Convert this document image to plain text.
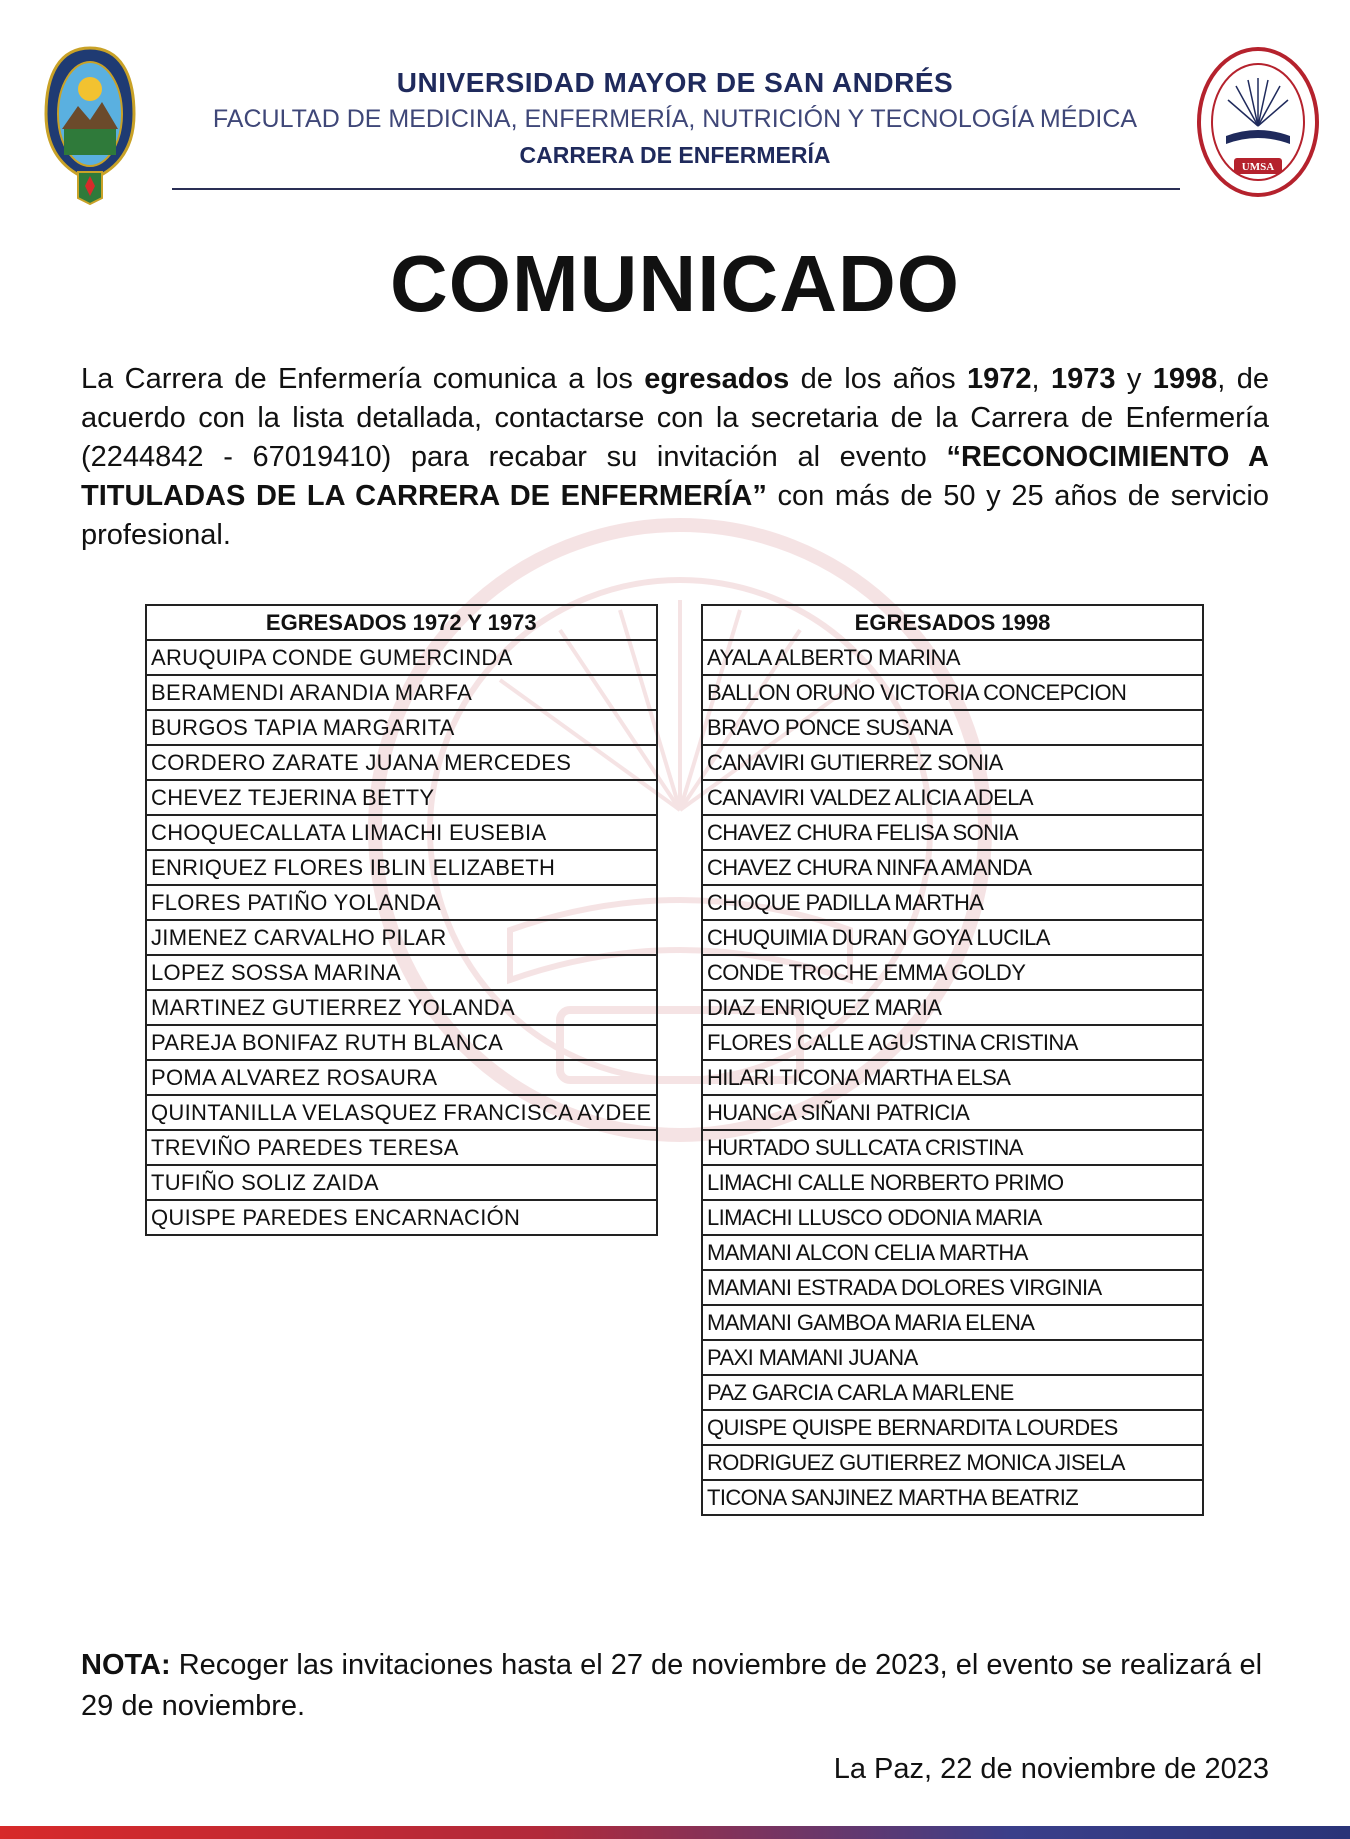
UMSA
UNIVERSIDAD MAYOR DE SAN ANDRÉS
FACULTAD DE MEDICINA, ENFERMERÍA, NUTRICIÓN Y TECNOLOGÍA MÉDICA
CARRERA DE ENFERMERÍA
COMUNICADO
La Carrera de Enfermería comunica a los egresados de los años 1972, 1973 y 1998, de acuerdo con la lista detallada, contactarse con la secretaria de la Carrera de Enfermería (2244842 - 67019410) para recabar su invitación al evento “RECONOCIMIENTO A TITULADAS DE LA CARRERA DE ENFERMERÍA” con más de 50 y 25 años de servicio profesional.
EGRESADOS 1972 Y 1973
ARUQUIPA CONDE GUMERCINDA
BERAMENDI ARANDIA MARFA
BURGOS TAPIA MARGARITA
CORDERO ZARATE JUANA MERCEDES
CHEVEZ TEJERINA BETTY
CHOQUECALLATA LIMACHI EUSEBIA
ENRIQUEZ FLORES IBLIN ELIZABETH
FLORES PATIÑO YOLANDA
JIMENEZ CARVALHO PILAR
LOPEZ SOSSA MARINA
MARTINEZ GUTIERREZ YOLANDA
PAREJA BONIFAZ RUTH BLANCA
POMA ALVAREZ ROSAURA
QUINTANILLA VELASQUEZ FRANCISCA AYDEE
TREVIÑO PAREDES TERESA
TUFIÑO SOLIZ ZAIDA
QUISPE PAREDES ENCARNACIÓN
EGRESADOS 1998
AYALA ALBERTO MARINA
BALLON ORUNO VICTORIA CONCEPCION
BRAVO PONCE SUSANA
CANAVIRI GUTIERREZ SONIA
CANAVIRI VALDEZ ALICIA ADELA
CHAVEZ CHURA FELISA SONIA
CHAVEZ CHURA NINFA AMANDA
CHOQUE PADILLA MARTHA
CHUQUIMIA DURAN GOYA LUCILA
CONDE TROCHE EMMA GOLDY
DIAZ ENRIQUEZ MARIA
FLORES CALLE AGUSTINA CRISTINA
HILARI TICONA MARTHA ELSA
HUANCA SIÑANI PATRICIA
HURTADO SULLCATA CRISTINA
LIMACHI CALLE NORBERTO PRIMO
LIMACHI LLUSCO ODONIA MARIA
MAMANI ALCON CELIA MARTHA
MAMANI ESTRADA DOLORES VIRGINIA
MAMANI GAMBOA MARIA ELENA
PAXI MAMANI JUANA
PAZ GARCIA CARLA MARLENE
QUISPE QUISPE BERNARDITA LOURDES
RODRIGUEZ GUTIERREZ MONICA JISELA
TICONA SANJINEZ MARTHA BEATRIZ
NOTA: Recoger las invitaciones hasta el 27 de noviembre de 2023, el evento se realizará el 29 de noviembre.
La Paz, 22 de noviembre de 2023
